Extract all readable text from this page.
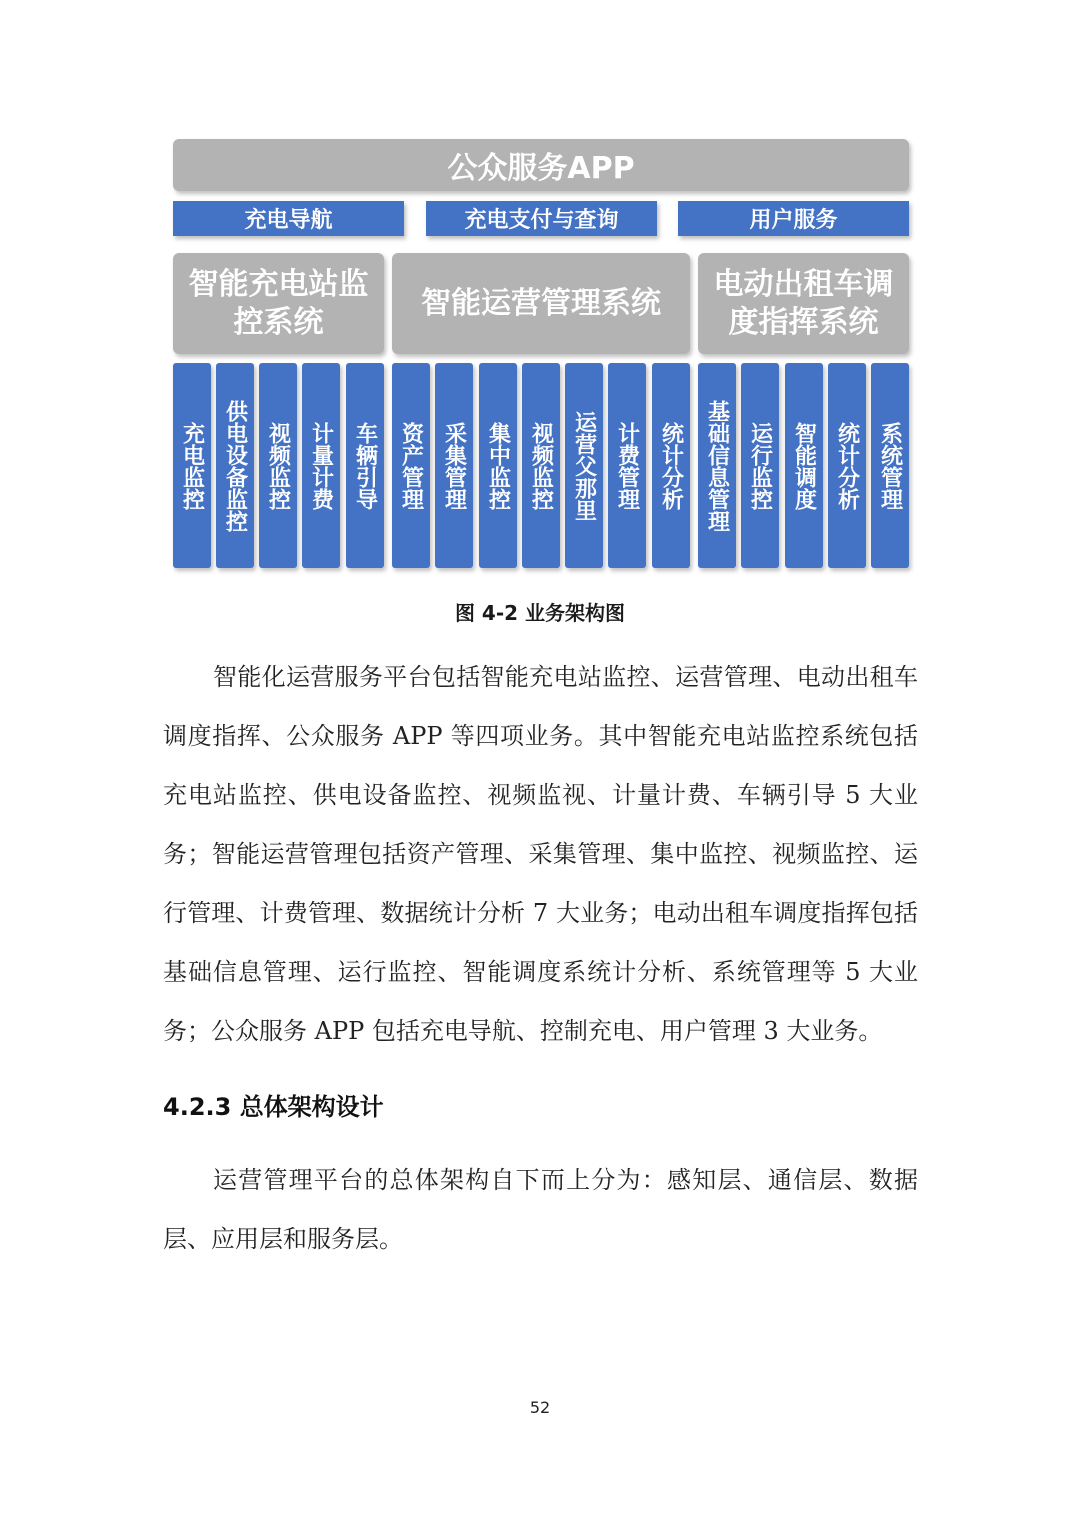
公众服务APP
充电导航	充电支付与查询	用户服务
智能充电站监控系统
智能运营管理系统
电动出租车调度指挥系统
充电监控 供电设备监控 视频监控 计量计费 车辆引导 资产管理 采集管理 集中监控 视频监控 运营父那里 计费管理 统计分析 基础信息管理 运行监控 智能调度 统计分析 系统管理
图 4-2 业务架构图

智能化运营服务平台包括智能充电站监控、运营管理、电动出租车调度指挥、公众服务 APP 等四项业务。其中智能充电站监控系统包括充电站监控、供电设备监控、视频监视、计量计费、车辆引导 5 大业务；智能运营管理包括资产管理、采集管理、集中监控、视频监控、运行管理、计费管理、数据统计分析 7 大业务；电动出租车调度指挥包括基础信息管理、运行监控、智能调度系统计分析、系统管理等 5 大业务；公众服务 APP 包括充电导航、控制充电、用户管理 3 大业务。

4.2.3 总体架构设计

运营管理平台的总体架构自下而上分为：感知层、通信层、数据层、应用层和服务层。

52
